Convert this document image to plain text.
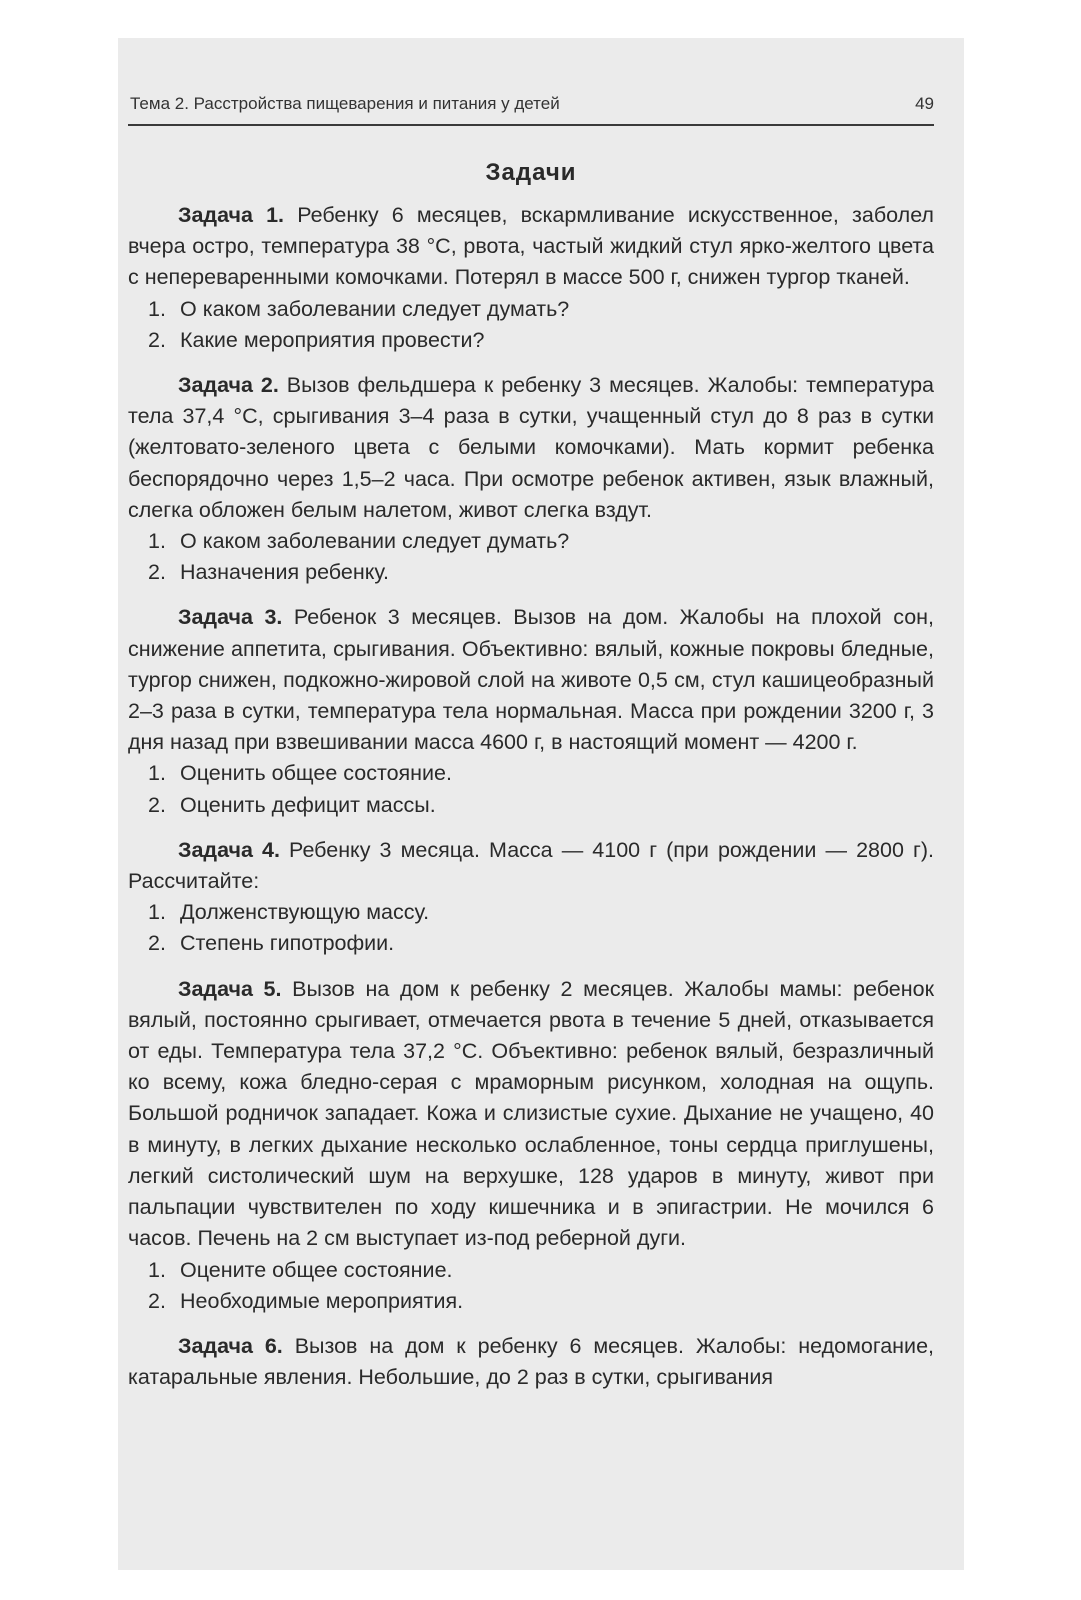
Тема 2. Расстройства пищеварения и питания у детей	49
Задачи

Задача 1. Ребенку 6 месяцев, вскармливание искусственное, заболел вчера остро, температура 38 °С, рвота, частый жидкий стул ярко-желтого цвета с непереваренными комочками. Потерял в массе 500 г, снижен тургор тканей.

1. О каком заболевании следует думать?
2. Какие мероприятия провести?

Задача 2. Вызов фельдшера к ребенку 3 месяцев. Жалобы: температура тела 37,4 °С, срыгивания 3–4 раза в сутки, учащенный стул до 8 раз в сутки (желтовато-зеленого цвета с белыми комочками). Мать кормит ребенка беспорядочно через 1,5–2 часа. При осмотре ребенок активен, язык влажный, слегка обложен белым налетом, живот слегка вздут.

1. О каком заболевании следует думать?
2. Назначения ребенку.

Задача 3. Ребенок 3 месяцев. Вызов на дом. Жалобы на плохой сон, снижение аппетита, срыгивания. Объективно: вялый, кожные покровы бледные, тургор снижен, подкожно-жировой слой на животе 0,5 см, стул кашицеобразный 2–3 раза в сутки, температура тела нормальная. Масса при рождении 3200 г, 3 дня назад при взвешивании масса 4600 г, в настоящий момент — 4200 г.

1. Оценить общее состояние.
2. Оценить дефицит массы.

Задача 4. Ребенку 3 месяца. Масса — 4100 г (при рождении — 2800 г). Рассчитайте:

1. Долженствующую массу.
2. Степень гипотрофии.

Задача 5. Вызов на дом к ребенку 2 месяцев. Жалобы мамы: ребенок вялый, постоянно срыгивает, отмечается рвота в течение 5 дней, отказывается от еды. Температура тела 37,2 °С. Объективно: ребенок вялый, безразличный ко всему, кожа бледно-серая с мраморным рисунком, холодная на ощупь. Большой родничок западает. Кожа и слизистые сухие. Дыхание не учащено, 40 в минуту, в легких дыхание несколько ослабленное, тоны сердца приглушены, легкий систолический шум на верхушке, 128 ударов в минуту, живот при пальпации чувствителен по ходу кишечника и в эпигастрии. Не мочился 6 часов. Печень на 2 см выступает из-под реберной дуги.

1. Оцените общее состояние.
2. Необходимые мероприятия.

Задача 6. Вызов на дом к ребенку 6 месяцев. Жалобы: недомогание, катаральные явления. Небольшие, до 2 раз в сутки, срыгивания
